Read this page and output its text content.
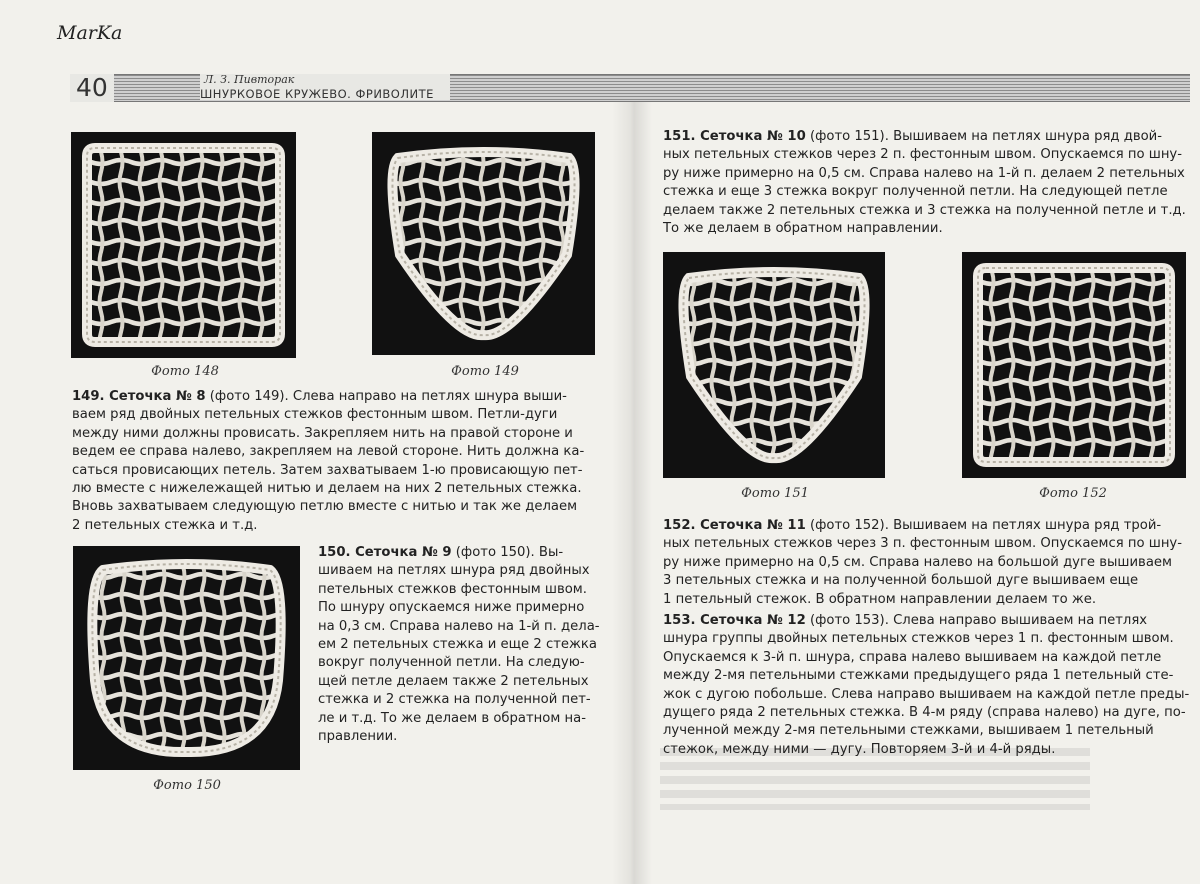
MarKa
40	Л. З. Пивторак
ШНУРКОВОЕ КРУЖЕВО. ФРИВОЛИТЕ
Фото 148	Фото 149
Фото 150
Фото 151	Фото 152
149. Сеточка № 8 (фото 149). Слева направо на петлях шнура выши-
ваем ряд двойных петельных стежков фестонным швом. Петли-дуги
между ними должны провисать. Закрепляем нить на правой стороне и
ведем ее справа налево, закрепляем на левой стороне. Нить должна ка-
саться провисающих петель. Затем захватываем 1-ю провисающую пет-
лю вместе с нижележащей нитью и делаем на них 2 петельных стежка.
Вновь захватываем следующую петлю вместе с нитью и так же делаем
2 петельных стежка и т.д.
150. Сеточка № 9 (фото 150). Вы-
шиваем на петлях шнура ряд двойных
петельных стежков фестонным швом.
По шнуру опускаемся ниже примерно
на 0,3 см. Справа налево на 1-й п. дела-
ем 2 петельных стежка и еще 2 стежка
вокруг полученной петли. На следую-
щей петле делаем также 2 петельных
стежка и 2 стежка на полученной пет-
ле и т.д. То же делаем в обратном на-
правлении.
151. Сеточка № 10 (фото 151). Вышиваем на петлях шнура ряд двой-
ных петельных стежков через 2 п. фестонным швом. Опускаемся по шну-
ру ниже примерно на 0,5 см. Справа налево на 1-й п. делаем 2 петельных
стежка и еще 3 стежка вокруг полученной петли. На следующей петле
делаем также 2 петельных стежка и 3 стежка на полученной петле и т.д.
То же делаем в обратном направлении.
152. Сеточка № 11 (фото 152). Вышиваем на петлях шнура ряд трой-
ных петельных стежков через 3 п. фестонным швом. Опускаемся по шну-
ру ниже примерно на 0,5 см. Справа налево на большой дуге вышиваем
3 петельных стежка и на полученной большой дуге вышиваем еще
1 петельный стежок. В обратном направлении делаем то же.
153. Сеточка № 12 (фото 153). Слева направо вышиваем на петлях
шнура группы двойных петельных стежков через 1 п. фестонным швом.
Опускаемся к 3-й п. шнура, справа налево вышиваем на каждой петле
между 2-мя петельными стежками предыдущего ряда 1 петельный сте-
жок с дугою побольше. Слева направо вышиваем на каждой петле преды-
дущего ряда 2 петельных стежка. В 4-м ряду (справа налево) на дуге, по-
лученной между 2-мя петельными стежками, вышиваем 1 петельный
стежок, между ними — дугу. Повторяем 3-й и 4-й ряды.
